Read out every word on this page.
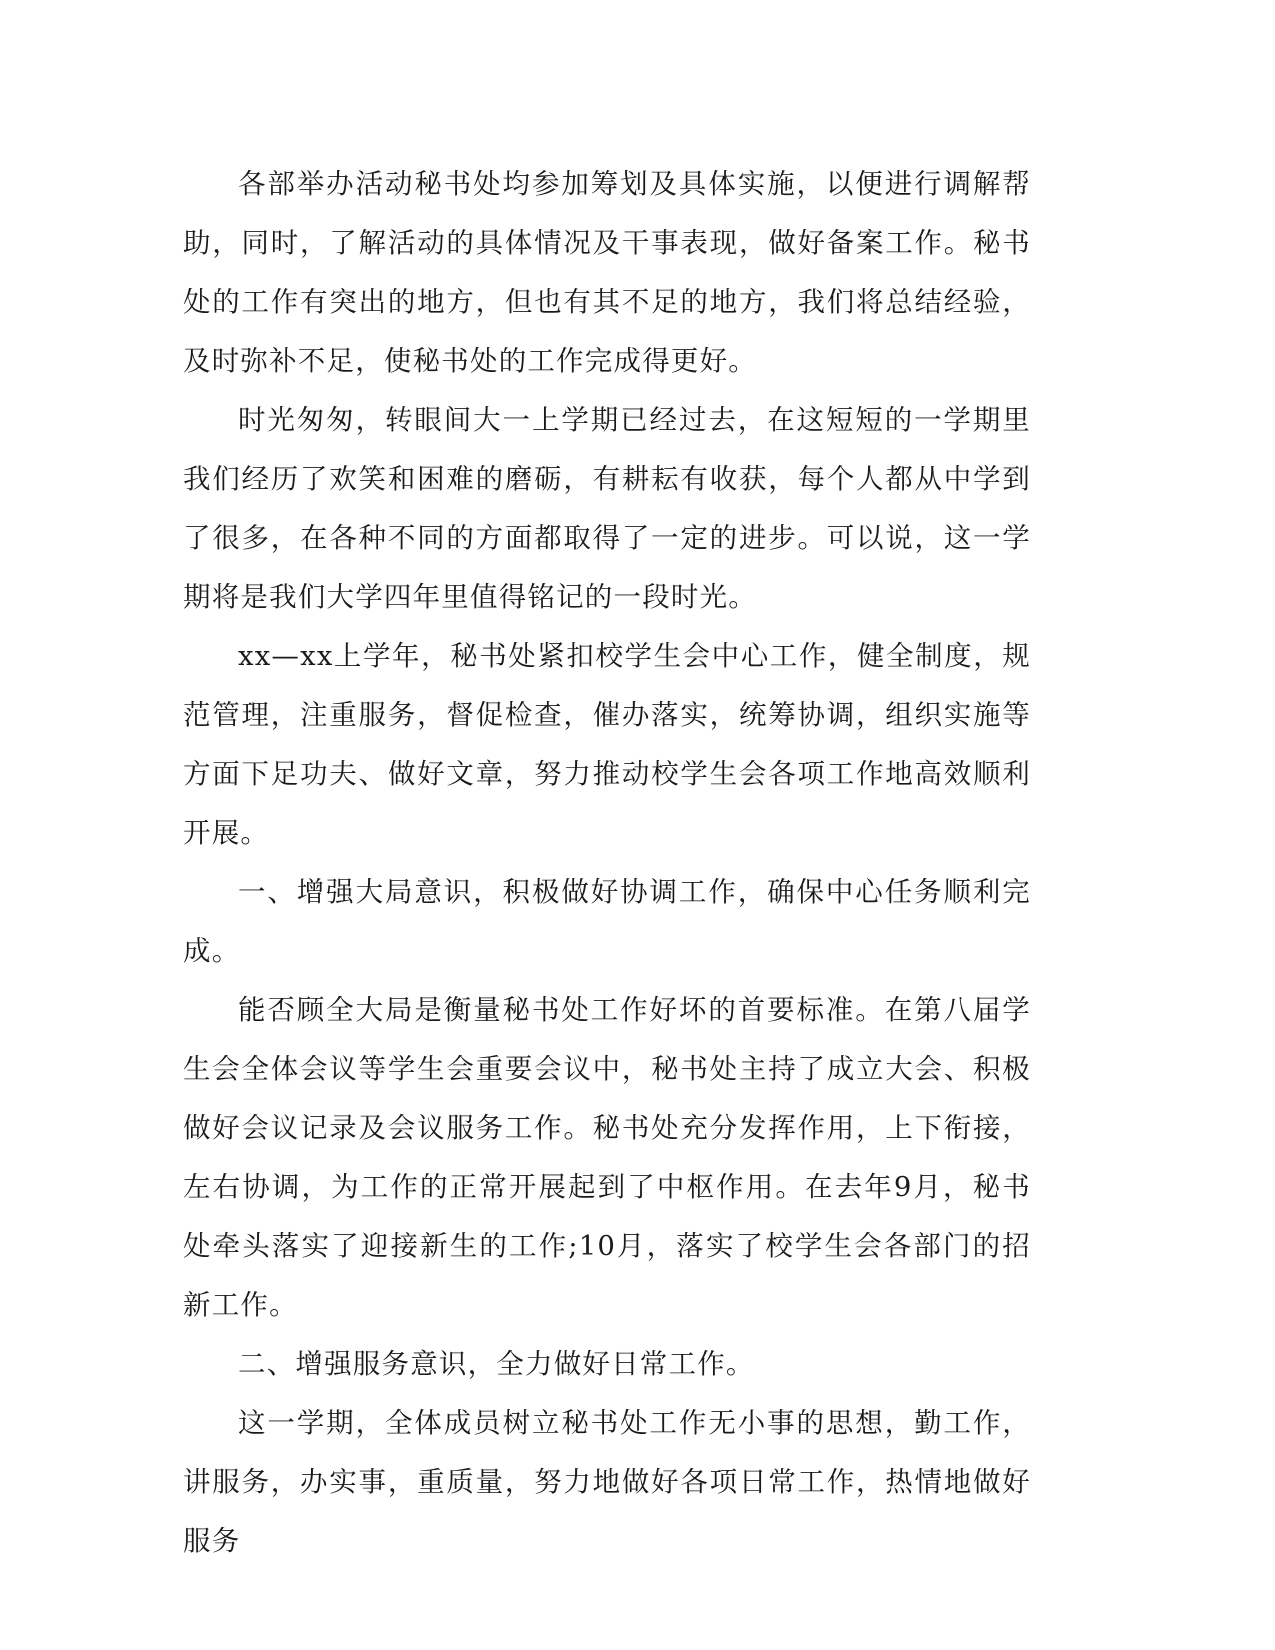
各部举办活动秘书处均参加筹划及具体实施，以便进行调解帮助，同时，了解活动的具体情况及干事表现，做好备案工作。秘书处的工作有突出的地方，但也有其不足的地方，我们将总结经验，及时弥补不足，使秘书处的工作完成得更好。

时光匆匆，转眼间大一上学期已经过去，在这短短的一学期里我们经历了欢笑和困难的磨砺，有耕耘有收获，每个人都从中学到了很多，在各种不同的方面都取得了一定的进步。可以说，这一学期将是我们大学四年里值得铭记的一段时光。

xx—xx上学年，秘书处紧扣校学生会中心工作，健全制度，规范管理，注重服务，督促检查，催办落实，统筹协调，组织实施等方面下足功夫、做好文章，努力推动校学生会各项工作地高效顺利开展。

一、增强大局意识，积极做好协调工作，确保中心任务顺利完成。

能否顾全大局是衡量秘书处工作好坏的首要标准。在第八届学生会全体会议等学生会重要会议中，秘书处主持了成立大会、积极做好会议记录及会议服务工作。秘书处充分发挥作用，上下衔接，左右协调，为工作的正常开展起到了中枢作用。在去年9月，秘书处牵头落实了迎接新生的工作;10月，落实了校学生会各部门的招新工作。

二、增强服务意识，全力做好日常工作。

这一学期，全体成员树立秘书处工作无小事的思想，勤工作，讲服务，办实事，重质量，努力地做好各项日常工作，热情地做好服务
